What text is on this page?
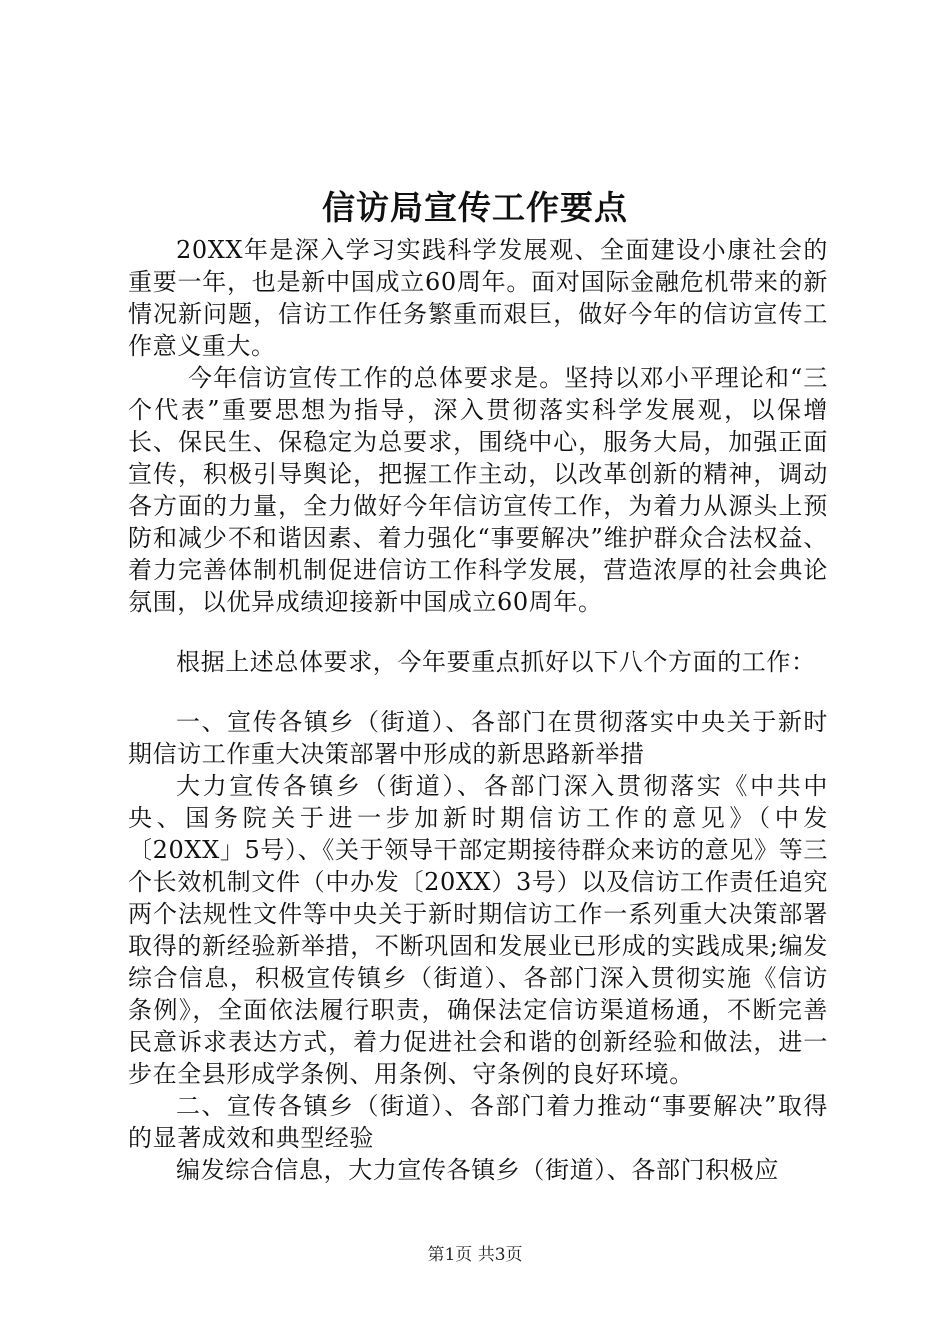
信访局宣传工作要点

20XX年是深入学习实践科学发展观、全面建设小康社会的重要一年，也是新中国成立60周年。面对国际金融危机带来的新情况新问题，信访工作任务繁重而艰巨，做好今年的信访宣传工作意义重大。

今年信访宣传工作的总体要求是。坚持以邓小平理论和“三个代表”重要思想为指导，深入贯彻落实科学发展观，以保增长、保民生、保稳定为总要求，围绕中心，服务大局，加强正面宣传，积极引导舆论，把握工作主动，以改革创新的精神，调动各方面的力量，全力做好今年信访宣传工作，为着力从源头上预防和减少不和谐因素、着力强化“事要解决”维护群众合法权益、着力完善体制机制促进信访工作科学发展，营造浓厚的社会典论氛围，以优异成绩迎接新中国成立60周年。

根据上述总体要求，今年要重点抓好以下八个方面的工作：

一、宣传各镇乡（街道）、各部门在贯彻落实中央关于新时期信访工作重大决策部署中形成的新思路新举措

大力宣传各镇乡（街道）、各部门深入贯彻落实《中共中央、国务院关于进一步加新时期信访工作的意见》（中发〔20XX」5号）、《关于领导干部定期接待群众来访的意见》等三个长效机制文件（中办发〔20XX）3号）以及信访工作责任追究两个法规性文件等中央关于新时期信访工作一系列重大决策部署取得的新经验新举措，不断巩固和发展业已形成的实践成果;编发综合信息，积极宣传镇乡（街道）、各部门深入贯彻实施《信访条例》，全面依法履行职责，确保法定信访渠道杨通，不断完善民意诉求表达方式，着力促进社会和谐的创新经验和做法，进一步在全县形成学条例、用条例、守条例的良好环境。

二、宣传各镇乡（街道）、各部门着力推动“事要解决”取得的显著成效和典型经验

编发综合信息，大力宣传各镇乡（街道）、各部门积极应

第1页 共3页
